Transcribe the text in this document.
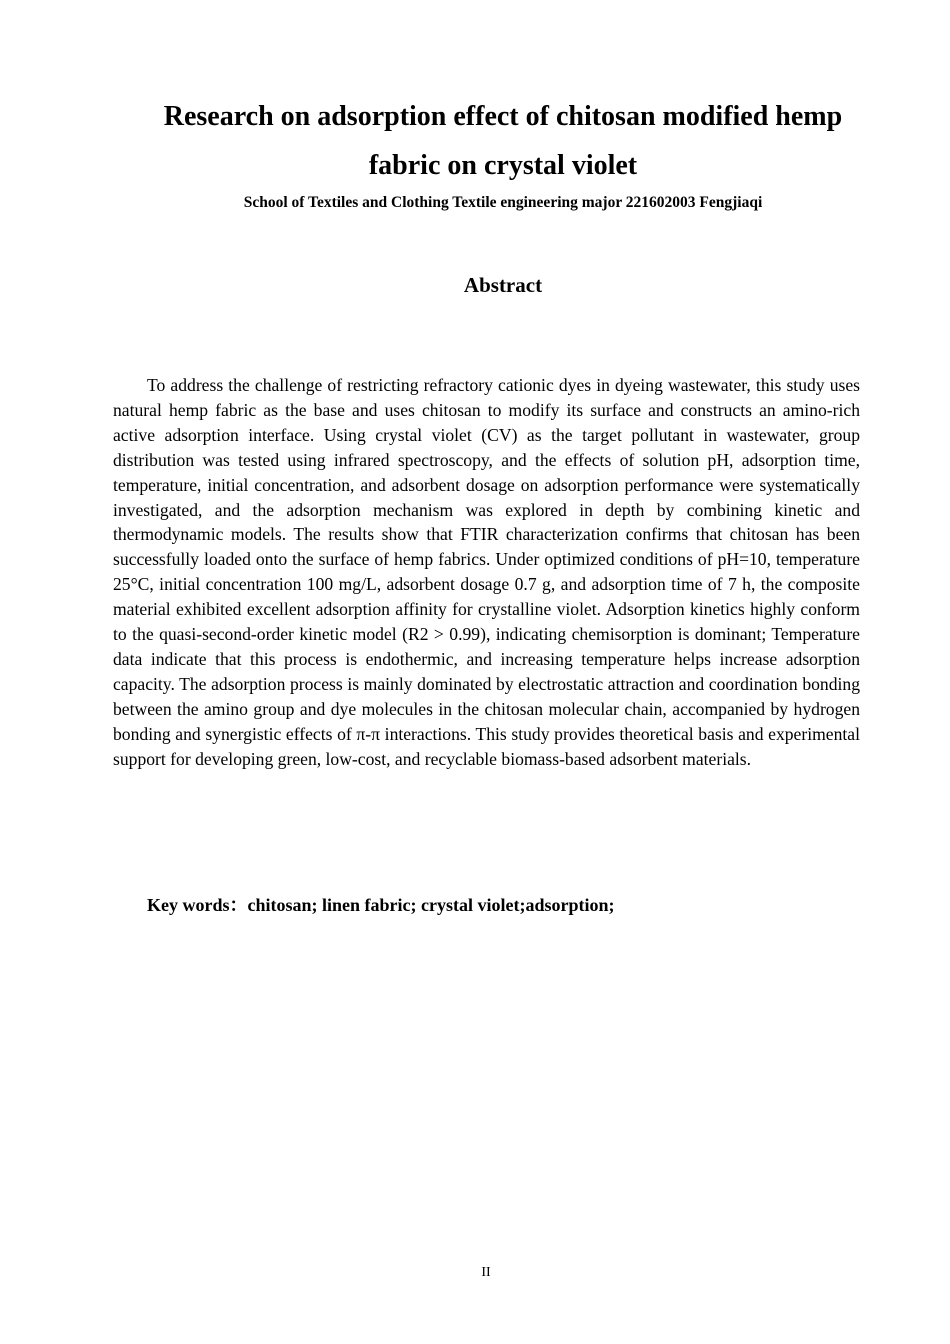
Research on adsorption effect of chitosan modified hemp fabric on crystal violet

School of Textiles and Clothing Textile engineering major 221602003 Fengjiaqi

Abstract

To address the challenge of restricting refractory cationic dyes in dyeing wastewater, this study uses natural hemp fabric as the base and uses chitosan to modify its surface and constructs an amino-rich active adsorption interface. Using crystal violet (CV) as the target pollutant in wastewater, group distribution was tested using infrared spectroscopy, and the effects of solution pH, adsorption time, temperature, initial concentration, and adsorbent dosage on adsorption performance were systematically investigated, and the adsorption mechanism was explored in depth by combining kinetic and thermodynamic models. The results show that FTIR characterization confirms that chitosan has been successfully loaded onto the surface of hemp fabrics. Under optimized conditions of pH=10, temperature 25°C, initial concentration 100 mg/L, adsorbent dosage 0.7 g, and adsorption time of 7 h, the composite material exhibited excellent adsorption affinity for crystalline violet. Adsorption kinetics highly conform to the quasi-second-order kinetic model (R2 > 0.99), indicating chemisorption is dominant; Temperature data indicate that this process is endothermic, and increasing temperature helps increase adsorption capacity. The adsorption process is mainly dominated by electrostatic attraction and coordination bonding between the amino group and dye molecules in the chitosan molecular chain, accompanied by hydrogen bonding and synergistic effects of π-π interactions. This study provides theoretical basis and experimental support for developing green, low-cost, and recyclable biomass-based adsorbent materials.

Key words：chitosan; linen fabric; crystal violet;adsorption;

II
